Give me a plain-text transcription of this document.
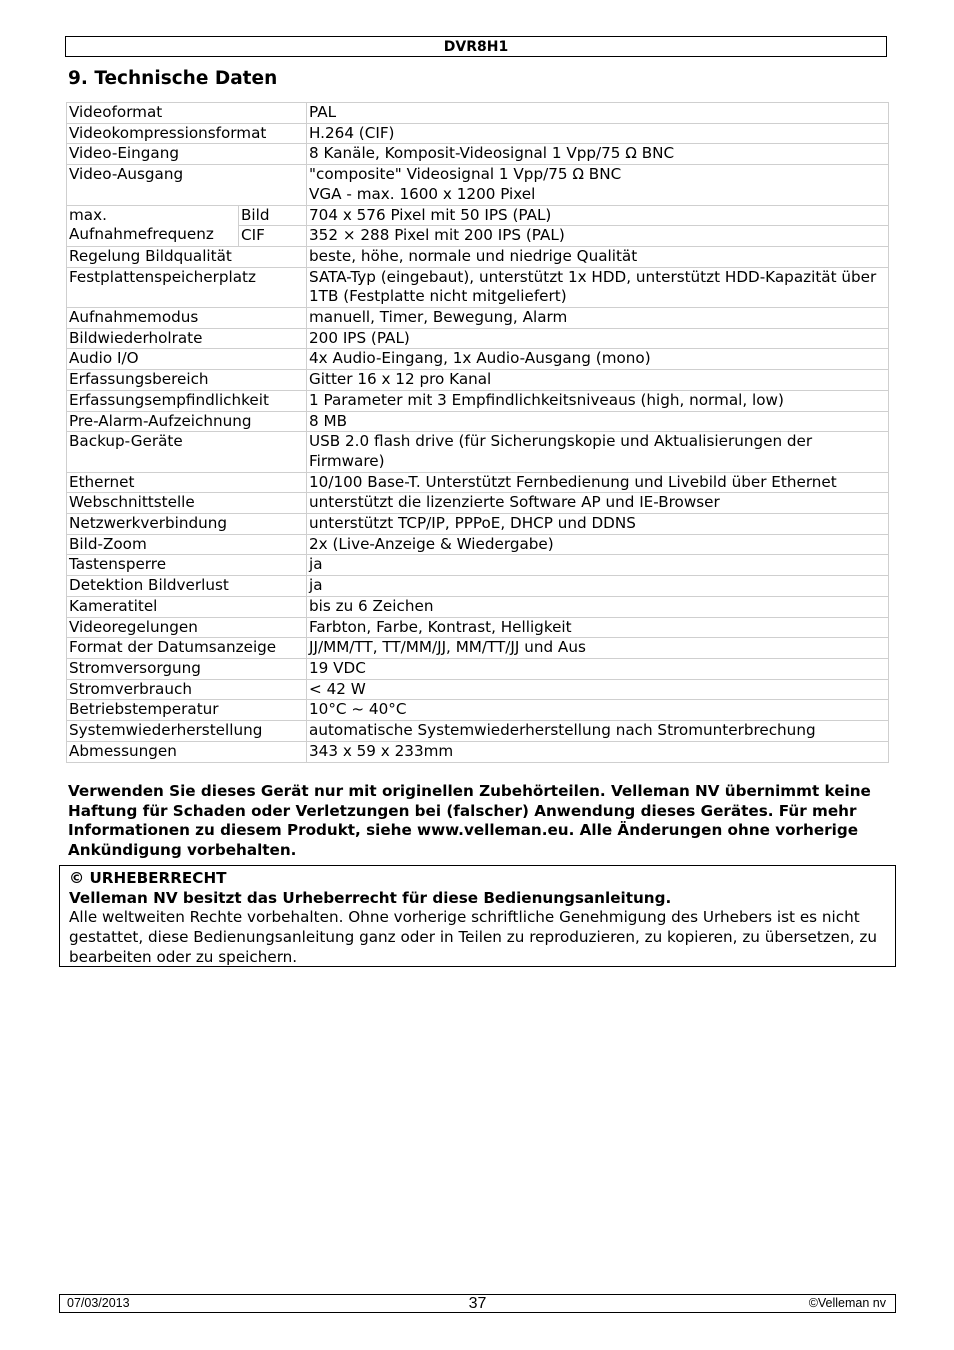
DVR8H1
9. Technische Daten
Videoformat		PAL
Videokompressionsformat		H.264 (CIF)
Video-Eingang		8 Kanäle, Komposit-Videosignal 1 Vpp/75 Ω BNC
Video-Ausgang		"composite" Videosignal 1 Vpp/75 Ω BNC
VGA - max. 1600 x 1200 Pixel
max. Aufnahmefrequenz	Bild	704 x 576 Pixel mit 50 IPS (PAL)
	CIF	352 × 288 Pixel mit 200 IPS (PAL)
Regelung Bildqualität		beste, höhe, normale und niedrige Qualität
Festplattenspeicherplatz		SATA-Typ (eingebaut), unterstützt 1x HDD, unterstützt HDD-Kapazität über 1TB (Festplatte nicht mitgeliefert)
Aufnahmemodus		manuell, Timer, Bewegung, Alarm
Bildwiederholrate		200 IPS (PAL)
Audio I/O		4x Audio-Eingang, 1x Audio-Ausgang (mono)
Erfassungsbereich		Gitter 16 x 12 pro Kanal
Erfassungsempfindlichkeit		1 Parameter mit 3 Empfindlichkeitsniveaus (high, normal, low)
Pre-Alarm-Aufzeichnung		8 MB
Backup-Geräte		USB 2.0 flash drive (für Sicherungskopie und Aktualisierungen der Firmware)
Ethernet		10/100 Base-T. Unterstützt Fernbedienung und Livebild über Ethernet
Webschnittstelle		unterstützt die lizenzierte Software AP und IE-Browser
Netzwerkverbindung		unterstützt TCP/IP, PPPoE, DHCP und DDNS
Bild-Zoom		2x (Live-Anzeige & Wiedergabe)
Tastensperre		ja
Detektion Bildverlust		ja
Kameratitel		bis zu 6 Zeichen
Videoregelungen		Farbton, Farbe, Kontrast, Helligkeit
Format der Datumsanzeige		JJ/MM/TT, TT/MM/JJ, MM/TT/JJ und Aus
Stromversorgung		19 VDC
Stromverbrauch		< 42 W
Betriebstemperatur		10°C ~ 40°C
Systemwiederherstellung		automatische Systemwiederherstellung nach Stromunterbrechung
Abmessungen		343 x 59 x 233mm

Verwenden Sie dieses Gerät nur mit originellen Zubehörteilen. Velleman NV übernimmt keine Haftung für Schaden oder Verletzungen bei (falscher) Anwendung dieses Gerätes. Für mehr Informationen zu diesem Produkt, siehe www.velleman.eu. Alle Änderungen ohne vorherige Ankündigung vorbehalten.

© URHEBERRECHT
Velleman NV besitzt das Urheberrecht für diese Bedienungsanleitung.
Alle weltweiten Rechte vorbehalten. Ohne vorherige schriftliche Genehmigung des Urhebers ist es nicht gestattet, diese Bedienungsanleitung ganz oder in Teilen zu reproduzieren, zu kopieren, zu übersetzen, zu bearbeiten oder zu speichern.
07/03/2013	37	©Velleman nv
